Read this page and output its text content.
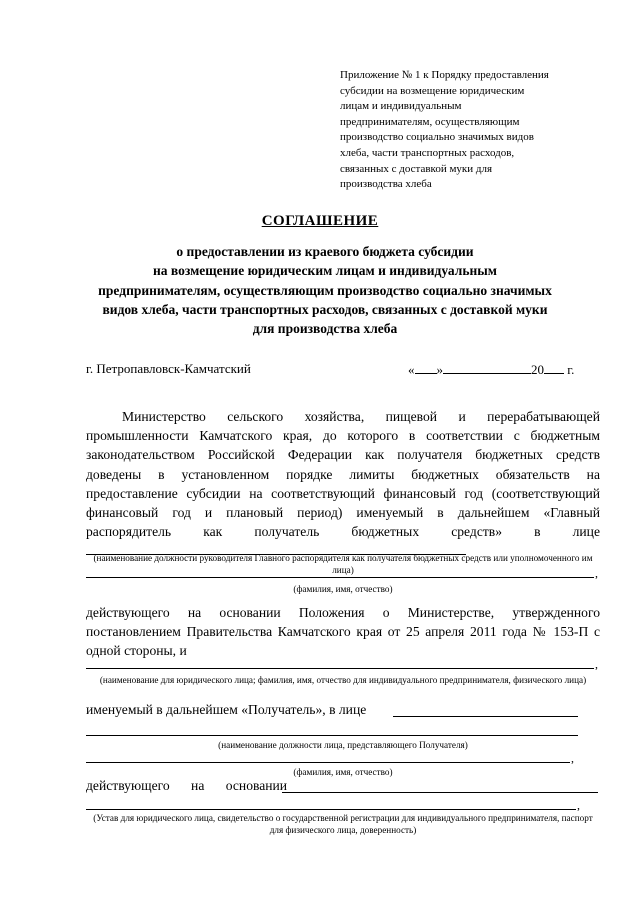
Приложение № 1 к Порядку предоставления
субсидии на возмещение юридическим
лицам и индивидуальным
предпринимателям, осуществляющим
производство социально значимых видов
хлеба, части транспортных расходов,
связанных с доставкой муки для
производства хлеба
СОГЛАШЕНИЕ
о предоставлении из краевого бюджета субсидии
на возмещение юридическим лицам и индивидуальным
предпринимателям, осуществляющим производство социально значимых
видов хлеба, части транспортных расходов, связанных с доставкой муки
для производства хлеба
г. Петропавловск-Камчатский	« »	20 г.
Министерство сельского хозяйства, пищевой и перерабатывающей промышленности Камчатского края, до которого в соответствии с бюджетным законодательством Российской Федерации как получателя бюджетных средств доведены в установленном порядке лимиты бюджетных обязательств на предоставление субсидии на соответствующий финансовый год (соответствующий финансовый год и плановый период) именуемый в дальнейшем «Главный распорядитель как получатель бюджетных средств» в лице
(наименование должности руководителя Главного распорядителя как получателя бюджетных средств или уполномоченного им лица)	,
(фамилия, имя, отчество)
действующего на основании Положения о Министерстве, утвержденного постановлением Правительства Камчатского края от 25 апреля 2011 года № 153-П с одной стороны, и
,
(наименование для юридического лица; фамилия, имя, отчество для индивидуального предпринимателя, физического лица)
именуемый в дальнейшем «Получатель», в лице
(наименование должности лица, представляющего Получателя)
,
(фамилия, имя, отчество)
действующего на основании
,
(Устав для юридического лица, свидетельство о государственной регистрации для индивидуального предпринимателя, паспорт для физического лица, доверенность)
